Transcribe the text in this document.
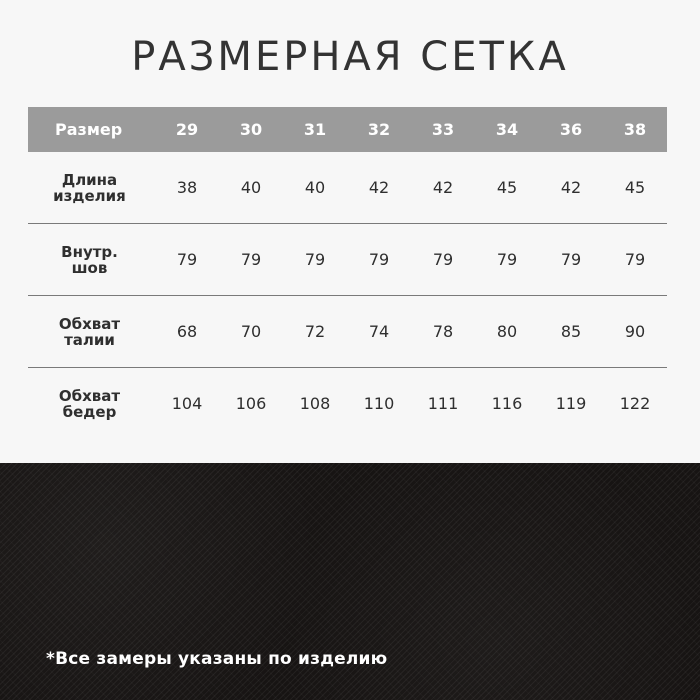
РАЗМЕРНАЯ СЕТКА
Размер	29	30	31	32	33	34	36	38

Длина
изделия	38	40	40	42	42	45	42	45

Внутр.
шов	79	79	79	79	79	79	79	79

Обхват
талии	68	70	72	74	78	80	85	90

Обхват
бедер	104	106	108	110	111	116	119	122
*Все замеры указаны по изделию
